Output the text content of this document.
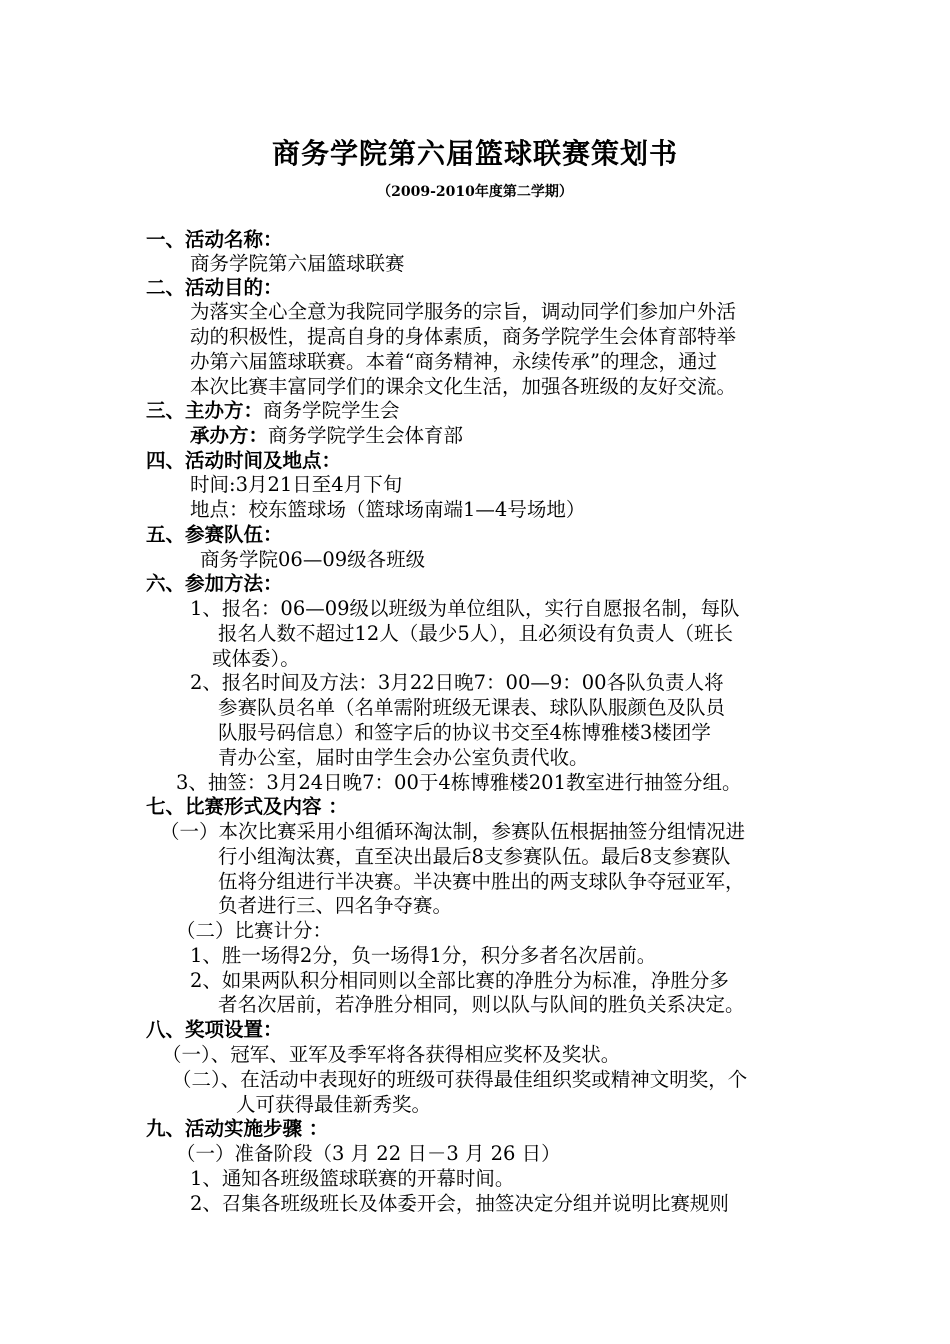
商务学院第六届篮球联赛策划书
（2009-2010年度第二学期）
一、活动名称：
商务学院第六届篮球联赛
二、活动目的：
为落实全心全意为我院同学服务的宗旨，调动同学们参加户外活
动的积极性，提高自身的身体素质，商务学院学生会体育部特举
办第六届篮球联赛。本着“商务精神，永续传承”的理念，通过
本次比赛丰富同学们的课余文化生活，加强各班级的友好交流。
三、主办方：商务学院学生会
承办方：商务学院学生会体育部
四、活动时间及地点：
时间:3月21日至4月下旬
地点：校东篮球场（篮球场南端1—4号场地）
五、参赛队伍：
商务学院06—09级各班级
六、参加方法：
1、报名：06—09级以班级为单位组队，实行自愿报名制，每队
报名人数不超过12人（最少5人），且必须设有负责人（班长
或体委）。
2、报名时间及方法：3月22日晚7：00—9：00各队负责人将
参赛队员名单（名单需附班级无课表、球队队服颜色及队员
队服号码信息）和签字后的协议书交至4栋博雅楼3楼团学
青办公室，届时由学生会办公室负责代收。
3、抽签：3月24日晚7：00于4栋博雅楼201教室进行抽签分组。
七、比赛形式及内容 ：
（一）本次比赛采用小组循环淘汰制，参赛队伍根据抽签分组情况进
行小组淘汰赛，直至决出最后8支参赛队伍。最后8支参赛队
伍将分组进行半决赛。半决赛中胜出的两支球队争夺冠亚军，
负者进行三、四名争夺赛。
（二）比赛计分：
1、胜一场得2分，负一场得1分，积分多者名次居前。
2、如果两队积分相同则以全部比赛的净胜分为标准，净胜分多
者名次居前，若净胜分相同，则以队与队间的胜负关系决定。
八、奖项设置：
（一）、冠军、亚军及季军将各获得相应奖杯及奖状。
（二）、在活动中表现好的班级可获得最佳组织奖或精神文明奖，个
人可获得最佳新秀奖。
九、活动实施步骤 ：
（一）准备阶段（3 月 22 日－3 月 26 日）
1、通知各班级篮球联赛的开幕时间。
2、召集各班级班长及体委开会，抽签决定分组并说明比赛规则
